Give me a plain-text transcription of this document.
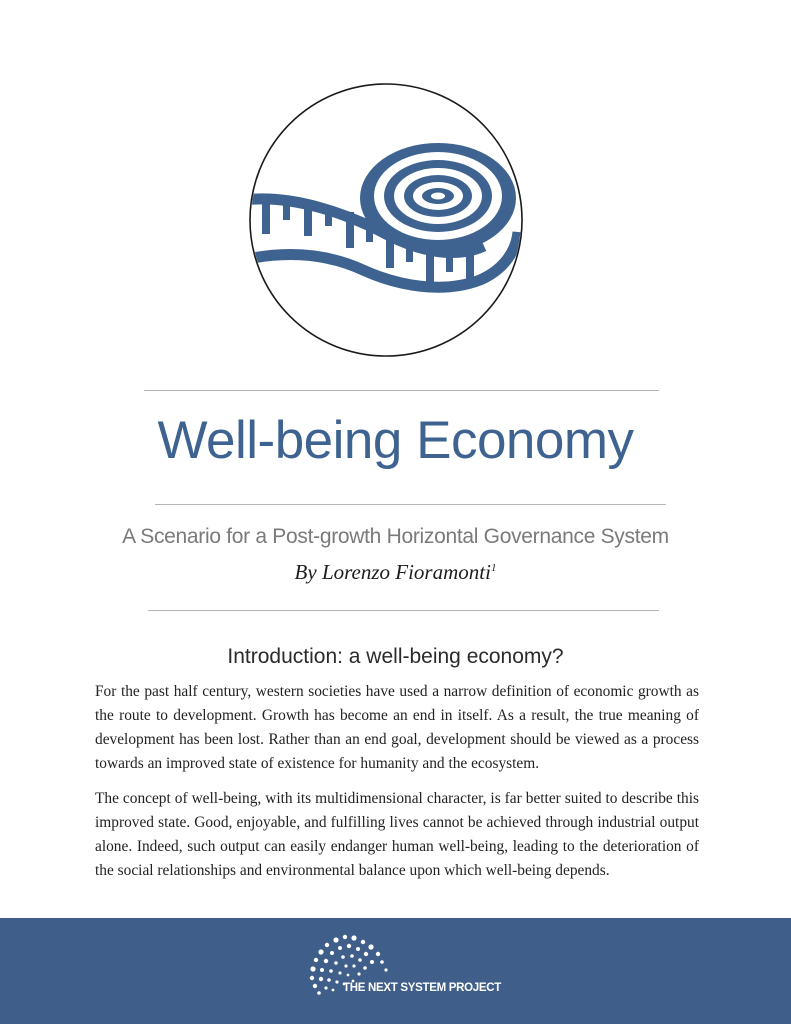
Well-being Economy
A Scenario for a Post-growth Horizontal Governance System
By Lorenzo Fioramonti$^1$
Introduction: a well-being economy?

For the past half century, western societies have used a narrow definition of economic growth as the route to development. Growth has become an end in itself. As a result, the true meaning of development has been lost. Rather than an end goal, development should be viewed as a process towards an improved state of existence for humanity and the ecosystem.

The concept of well-being, with its multidimensional character, is far better suited to describe this improved state. Good, enjoyable, and fulfilling lives cannot be achieved through industrial output alone. Indeed, such output can easily endanger human well-being, leading to the deterioration of the social relationships and environmental balance upon which well-being depends.

THE NEXT SYSTEM PROJECT
